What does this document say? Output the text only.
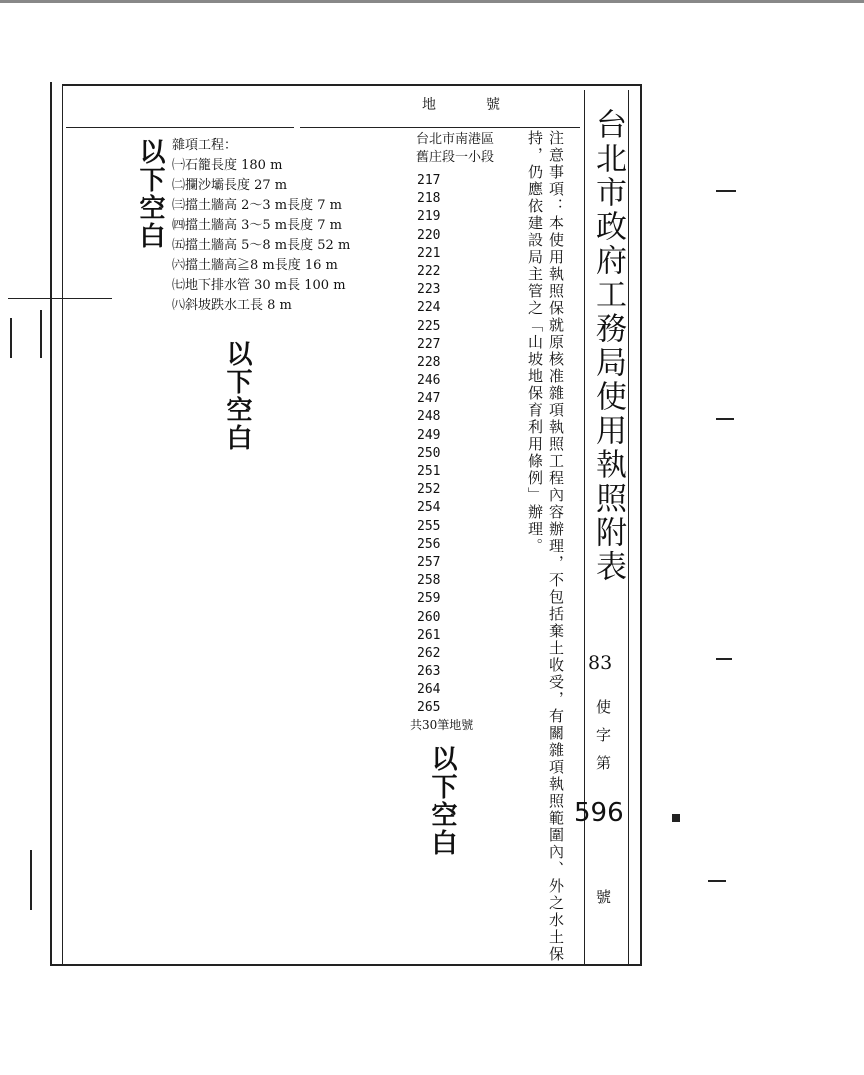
地　　　號
台北市政府工務局使用執照附表
83
使
字
第
596
號
台北市南港區
舊庄段一小段
217
218
219
220
221
222
223
224
225
227
228
246
247
248
249
250
251
252
254
255
256
257
258
259
260
261
262
263
264
265
共30筆地號
雜項工程：
㈠石籠長度 180 m
㈡攔沙壩長度 27 m
㈢擋土牆高 2～3 m長度 7 m
㈣擋土牆高 3～5 m長度 7 m
㈤擋土牆高 5～8 m長度 52 m
㈥擋土牆高≧8 m長度 16 m
㈦地下排水管 30 m長 100 m
㈧斜坡跌水工長 8 m
以下空白
以下空白
以下空白	注意事項：本使用執照保就原核准雜項執照工程內容辦理，不包括棄土收受，有關雜項執照範圍內、外之水土保持，仍應依建設局主管之「山坡地保育利用條例」辦理。
